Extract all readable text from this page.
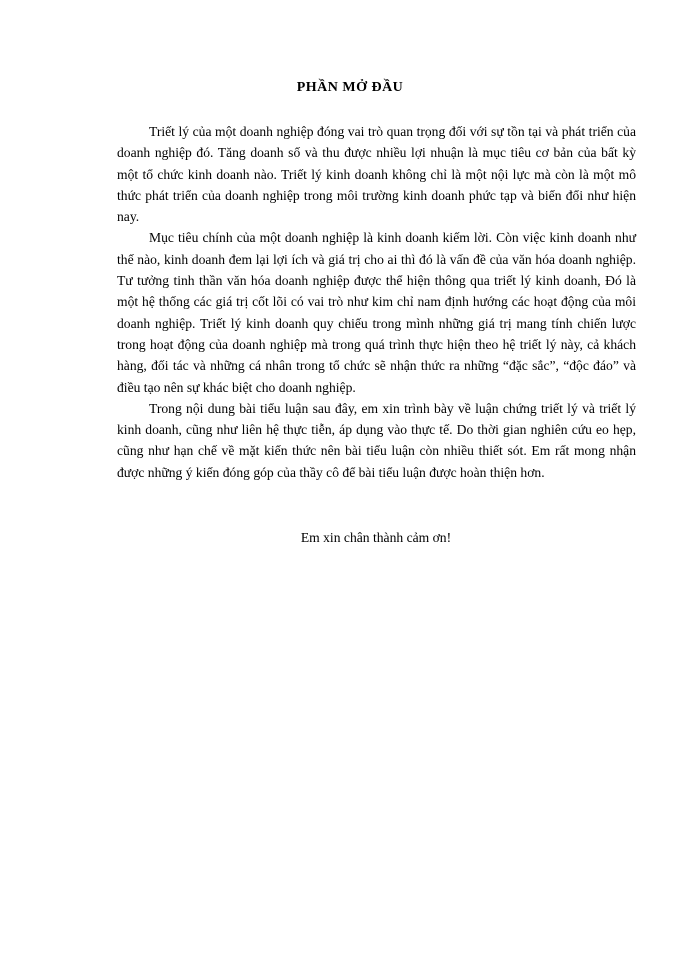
PHẦN MỞ ĐẦU

Triết lý của một doanh nghiệp đóng vai trò quan trọng đối với sự tồn tại và phát triển của doanh nghiệp đó. Tăng doanh số và thu được nhiều lợi nhuận là mục tiêu cơ bản của bất kỳ một tổ chức kinh doanh nào. Triết lý kinh doanh không chỉ là một nội lực mà còn là một mô thức phát triển của doanh nghiệp trong môi trường kinh doanh phức tạp và biến đổi như hiện nay.

Mục tiêu chính của một doanh nghiệp là kinh doanh kiếm lời. Còn việc kinh doanh như thế nào, kinh doanh đem lại lợi ích và giá trị cho ai thì đó là vấn đề của văn hóa doanh nghiệp. Tư tưởng tinh thần văn hóa doanh nghiệp được thể hiện thông qua triết lý kinh doanh, Đó là một hệ thống các giá trị cốt lõi có vai trò như kim chỉ nam định hướng các hoạt động của môi doanh nghiệp. Triết lý kinh doanh quy chiếu trong mình những giá trị mang tính chiến lược trong hoạt động của doanh nghiệp mà trong quá trình thực hiện theo hệ triết lý này, cả khách hàng, đối tác và những cá nhân trong tổ chức sẽ nhận thức ra những “đặc sắc”, “độc đáo” và điều tạo nên sự khác biệt cho doanh nghiệp.

Trong nội dung bài tiểu luận sau đây, em xin trình bày về luận chứng triết lý và triết lý kinh doanh, cũng như liên hệ thực tiễn, áp dụng vào thực tế. Do thời gian nghiên cứu eo hẹp, cũng như hạn chế về mặt kiến thức nên bài tiểu luận còn nhiều thiết sót. Em rất mong nhận được những ý kiến đóng góp của thầy cô để bài tiểu luận được hoàn thiện hơn.

Em xin chân thành cảm ơn!
